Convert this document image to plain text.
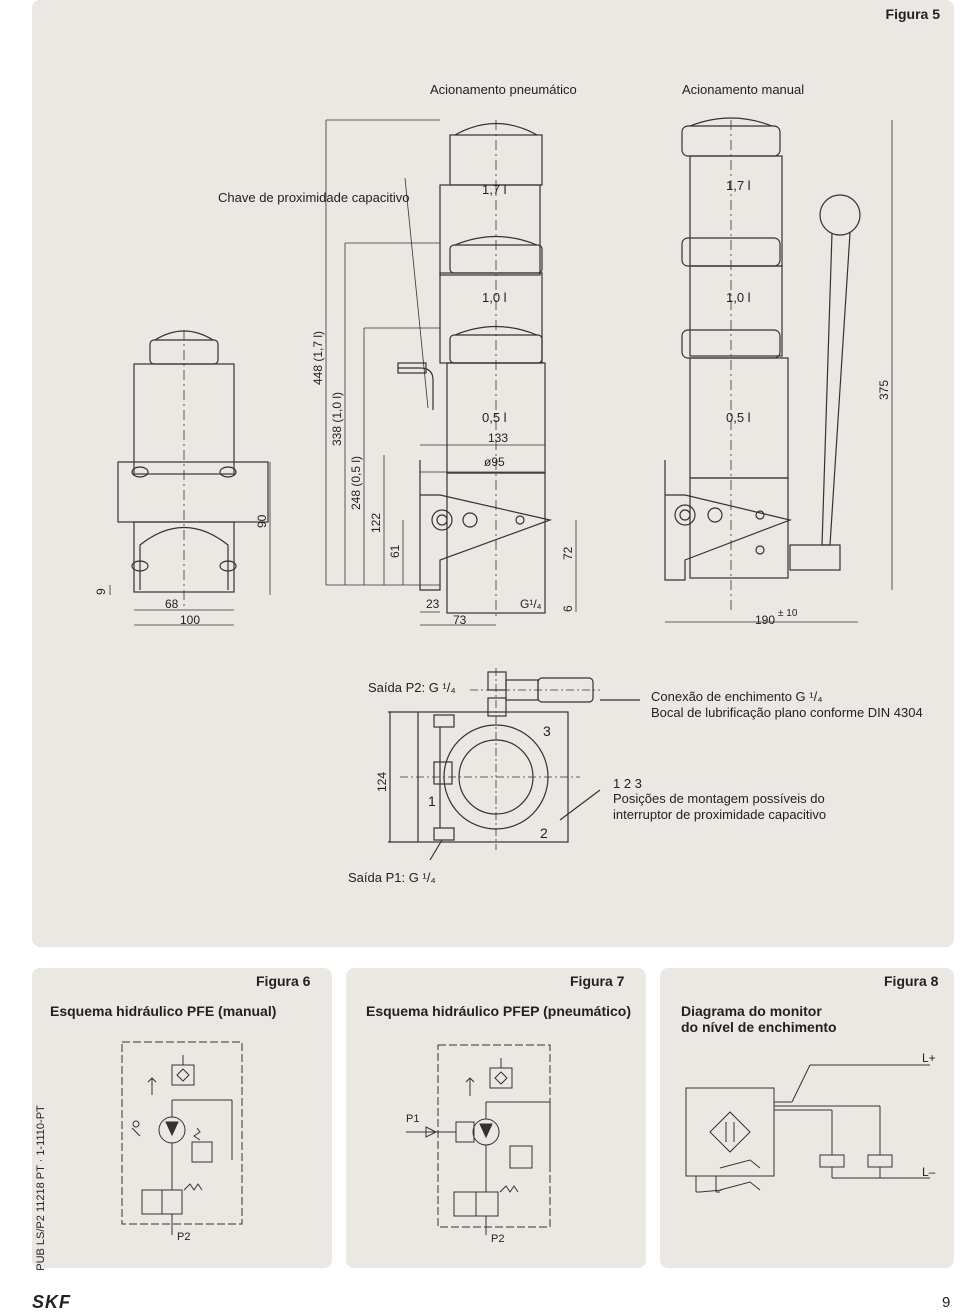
Figura 5
Acionamento pneumático	Acionamento manual
Chave de proximidade capacitivo
1,7 l	1,7 l
1,0 l	1,0 l
0,5 l	0,5 l
133
ø95
448 (1,7 l)
338 (1,0 l)
248 (0,5 l)
122
90
61
9
72
6
375
68
100
23
73
G¹/₄
190 ± 10
Saída P2: G ¹/₄
Saída P1: G ¹/₄
Conexão de enchimento G ¹/₄
Bocal de lubrificação plano conforme DIN 4304
124
1
2
3
1 2 3
Posições de montagem possíveis do
interruptor de proximidade capacitivo
Figura 6
Esquema hidráulico PFE (manual)
P2
Figura 7
Esquema hidráulico PFEP (pneumático)
P1
P2
Figura 8
Diagrama do monitor
do nível de enchimento
L+
L–
PUB LS/P2 11218 PT · 1-1110-PT
SKF	9
